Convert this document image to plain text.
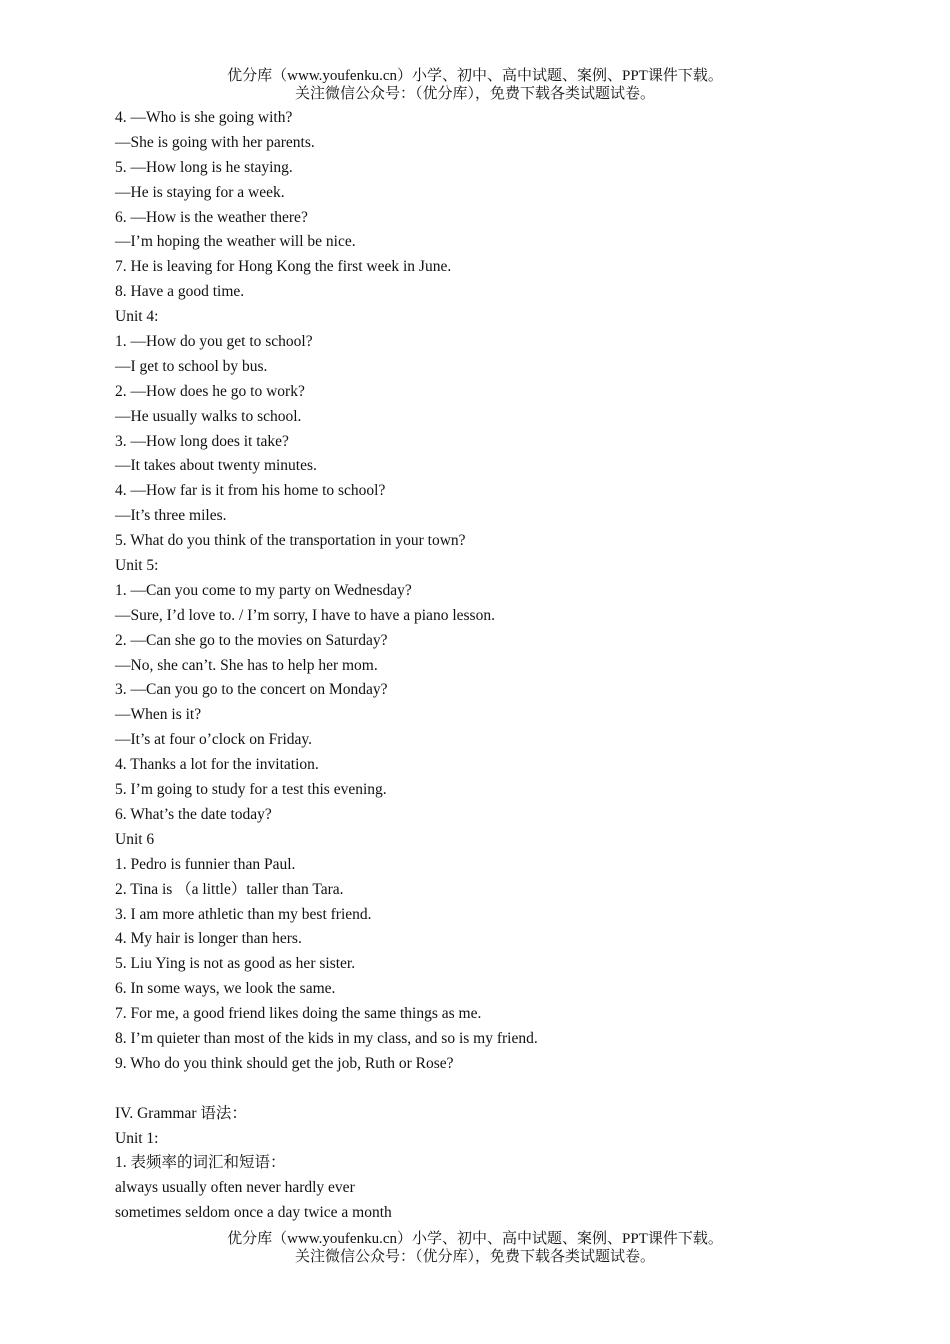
优分库（www.youfenku.cn）小学、初中、高中试题、案例、PPT课件下载。
关注微信公众号：（优分库），免费下载各类试题试卷。
4. —Who is she going with?
—She is going with her parents.
5. —How long is he staying.
—He is staying for a week.
6. —How is the weather there?
—I’m hoping the weather will be nice.
7. He is leaving for Hong Kong the first week in June.
8. Have a good time.
Unit 4:
1. —How do you get to school?
—I get to school by bus.
2. —How does he go to work?
—He usually walks to school.
3. —How long does it take?
—It takes about twenty minutes.
4. —How far is it from his home to school?
—It’s three miles.
5. What do you think of the transportation in your town?
Unit 5:
1. —Can you come to my party on Wednesday?
—Sure, I’d love to. / I’m sorry, I have to have a piano lesson.
2. —Can she go to the movies on Saturday?
—No, she can’t. She has to help her mom.
3. —Can you go to the concert on Monday?
—When is it?
—It’s at four o’clock on Friday.
4. Thanks a lot for the invitation.
5. I’m going to study for a test this evening.
6. What’s the date today?
Unit 6
1. Pedro is funnier than Paul.
2. Tina is （a little）taller than Tara.
3. I am more athletic than my best friend.
4. My hair is longer than hers.
5. Liu Ying is not as good as her sister.
6. In some ways, we look the same.
7. For me, a good friend likes doing the same things as me.
8. I’m quieter than most of the kids in my class, and so is my friend.
9. Who do you think should get the job, Ruth or Rose?
IV. Grammar 语法：
Unit 1:
1. 表频率的词汇和短语：
always usually often never hardly ever
sometimes seldom once a day twice a month
优分库（www.youfenku.cn）小学、初中、高中试题、案例、PPT课件下载。
关注微信公众号：（优分库），免费下载各类试题试卷。
